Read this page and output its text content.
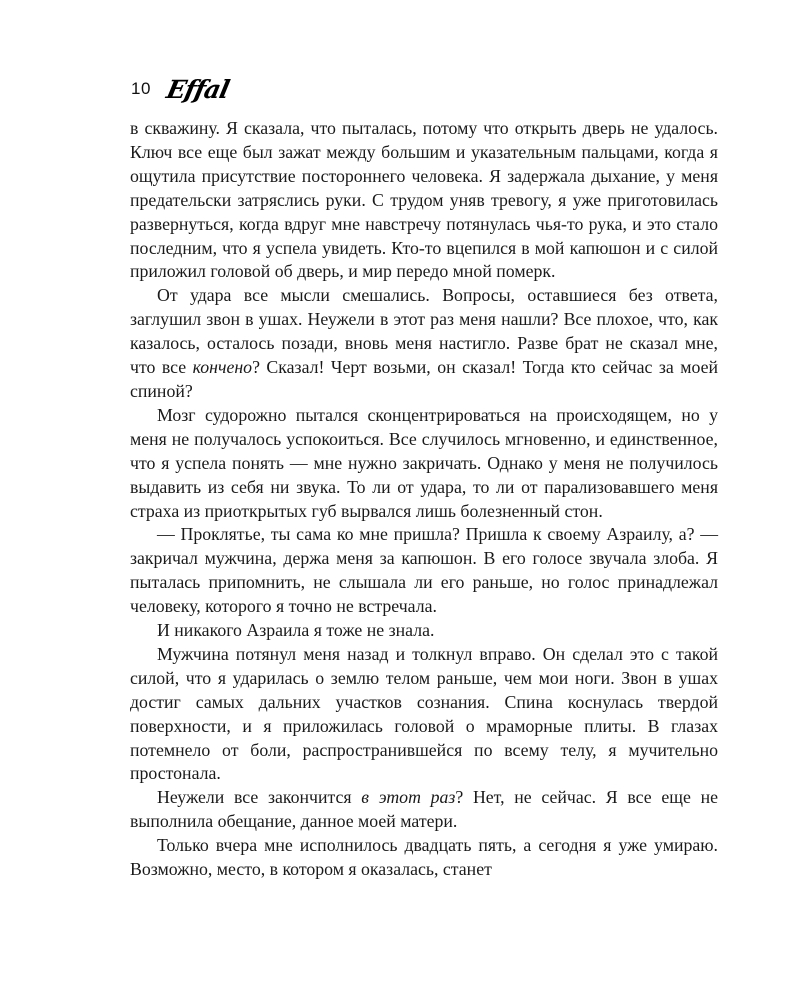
10 Effal

в скважину. Я сказала, что пыталась, потому что открыть дверь не удалось. Ключ все еще был зажат между большим и указательным пальцами, когда я ощутила присутствие постороннего человека. Я задержала дыхание, у меня предательски затряслись руки. С трудом уняв тревогу, я уже приготовилась развернуться, когда вдруг мне навстречу потянулась чья-то рука, и это стало последним, что я успела увидеть. Кто-то вцепился в мой капюшон и с силой приложил головой об дверь, и мир передо мной померк.

От удара все мысли смешались. Вопросы, оставшиеся без ответа, заглушил звон в ушах. Неужели в этот раз меня нашли? Все плохое, что, как казалось, осталось позади, вновь меня настигло. Разве брат не сказал мне, что все кончено? Сказал! Черт возьми, он сказал! Тогда кто сейчас за моей спиной?

Мозг судорожно пытался сконцентрироваться на происходящем, но у меня не получалось успокоиться. Все случилось мгновенно, и единственное, что я успела понять — мне нужно закричать. Однако у меня не получилось выдавить из себя ни звука. То ли от удара, то ли от парализовавшего меня страха из приоткрытых губ вырвался лишь болезненный стон.

— Проклятье, ты сама ко мне пришла? Пришла к своему Азраилу, а? — закричал мужчина, держа меня за капюшон. В его голосе звучала злоба. Я пыталась припомнить, не слышала ли его раньше, но голос принадлежал человеку, которого я точно не встречала.

И никакого Азраила я тоже не знала.

Мужчина потянул меня назад и толкнул вправо. Он сделал это с такой силой, что я ударилась о землю телом раньше, чем мои ноги. Звон в ушах достиг самых дальних участков сознания. Спина коснулась твердой поверхности, и я приложилась головой о мраморные плиты. В глазах потемнело от боли, распространившейся по всему телу, я мучительно простонала.

Неужели все закончится в этот раз? Нет, не сейчас. Я все еще не выполнила обещание, данное моей матери.

Только вчера мне исполнилось двадцать пять, а сегодня я уже умираю. Возможно, место, в котором я оказалась, станет
